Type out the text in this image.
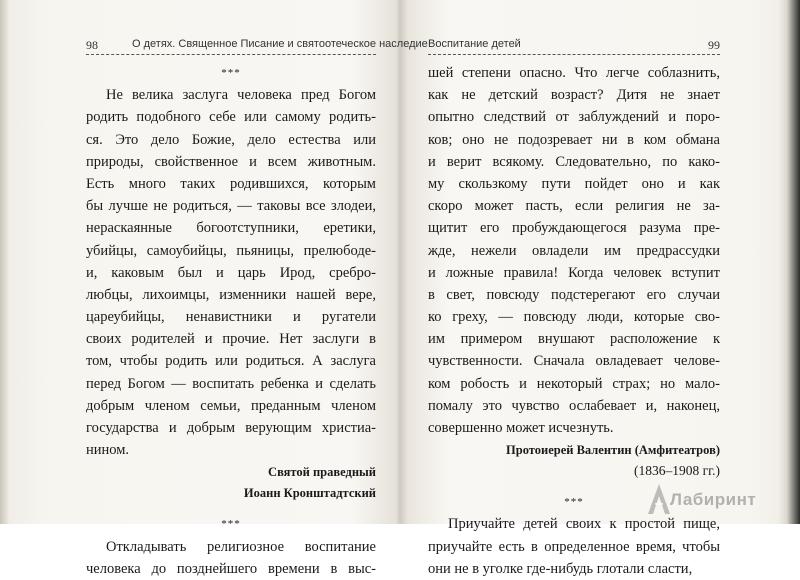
98	О детях. Священное Писание и святоотеческое наследие Воспитание детей	99
***
Не велика заслуга человека пред Богом
родить подобного себе или самому родить-
ся. Это дело Божие, дело естества или
природы, свойственное и всем животным.
Есть много таких родившихся, которым
бы лучше не родиться, — таковы все злодеи,
нераскаянные богоотступники, еретики,
убийцы, самоубийцы, пьяницы, прелюбоде-
и, каковым был и царь Ирод, сребро-
любцы, лихоимцы, изменники нашей вере,
цареубийцы, ненавистники и ругатели
своих родителей и прочие. Нет заслуги в
том, чтобы родить или родиться. А заслуга
перед Богом — воспитать ребенка и сделать
добрым членом семьи, преданным членом
государства и добрым верующим христиа-
нином.
Святой праведный
Иоанн Кронштадтский
***
Откладывать религиозное воспитание
человека до позднейшего времени в выс-
шей степени опасно. Что легче соблазнить,
как не детский возраст? Дитя не знает
опытно следствий от заблуждений и поро-
ков; оно не подозревает ни в ком обмана
и верит всякому. Следовательно, по како-
му скользкому пути пойдет оно и как
скоро может пасть, если религия не за-
щитит его пробуждающегося разума пре-
жде, нежели овладели им предрассудки
и ложные правила! Когда человек вступит
в свет, повсюду подстерегают его случаи
ко греху, — повсюду люди, которые сво-
им примером внушают расположение к
чувственности. Сначала овладевает челове-
ком робость и некоторый страх; но мало-
помалу это чувство ослабевает и, наконец,
совершенно может исчезнуть.
Протоиерей Валентин (Амфитеатров)
(1836–1908 гг.)
***
Приучайте детей своих к простой пище,
приучайте есть в определенное время, чтобы
они не в уголке где-нибудь глотали сласти,
Лабиринт
